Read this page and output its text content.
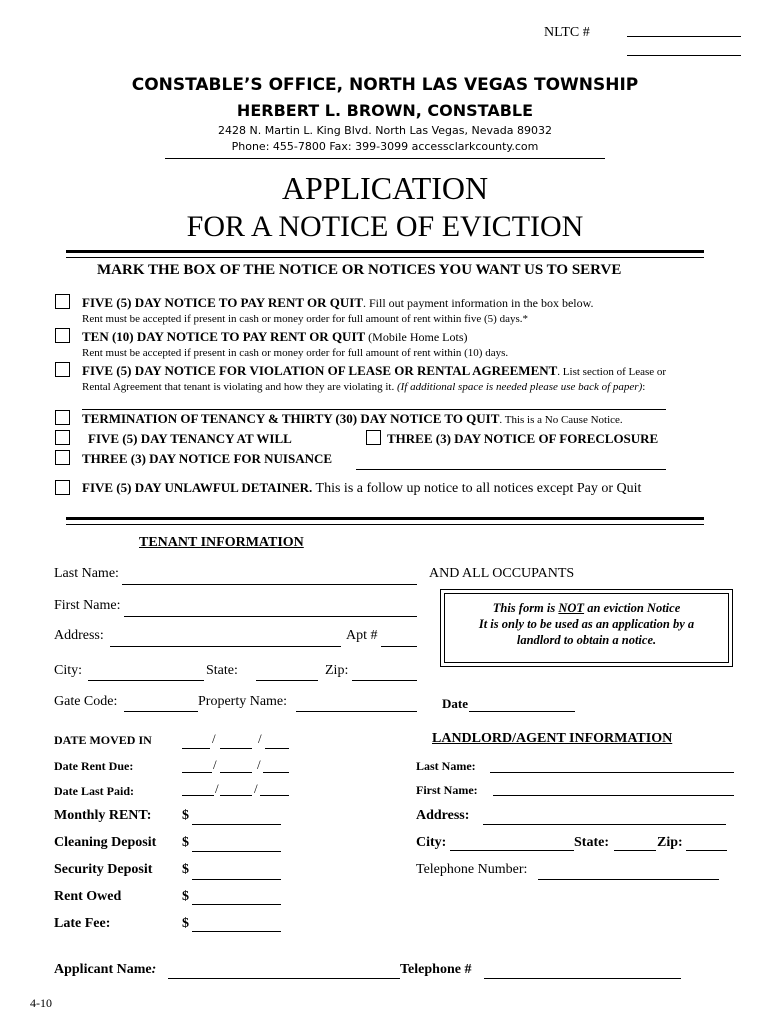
NLTC #
CONSTABLE’S OFFICE, NORTH LAS VEGAS TOWNSHIP
HERBERT L. BROWN, CONSTABLE
2428 N. Martin L. King Blvd. North Las Vegas, Nevada 89032
Phone: 455-7800 Fax: 399-3099 accessclarkcounty.com
APPLICATION
FOR A NOTICE OF EVICTION
MARK THE BOX OF THE NOTICE OR NOTICES YOU WANT US TO SERVE
FIVE (5) DAY NOTICE TO PAY RENT OR QUIT. Fill out payment information in the box below.
Rent must be accepted if present in cash or money order for full amount of rent within five (5) days.*
TEN (10) DAY NOTICE TO PAY RENT OR QUIT (Mobile Home Lots)
Rent must be accepted if present in cash or money order for full amount of rent within (10) days.
FIVE (5) DAY NOTICE FOR VIOLATION OF LEASE OR RENTAL AGREEMENT. List section of Lease or
Rental Agreement that tenant is violating and how they are violating it. (If additional space is needed please use back of paper):
TERMINATION OF TENANCY & THIRTY (30) DAY NOTICE TO QUIT. This is a No Cause Notice.
FIVE (5) DAY TENANCY AT WILL	THREE (3) DAY NOTICE OF FORECLOSURE
THREE (3) DAY NOTICE FOR NUISANCE
FIVE (5) DAY UNLAWFUL DETAINER. This is a follow up notice to all notices except Pay or Quit
TENANT INFORMATION
Last Name:	AND ALL OCCUPANTS
First Name:
Address:	Apt #
City:	State:	Zip:
Gate Code:	Property Name:	Date
This form is NOT an eviction Notice
It is only to be used as an application by a
landlord to obtain a notice.
DATE MOVED IN	/	/
Date Rent Due:	/	/
Date Last Paid:	/	/
Monthly RENT: $
Cleaning Deposit $
Security Deposit $
Rent Owed	$
Late Fee:	$
LANDLORD/AGENT INFORMATION
Last Name:
First Name:
Address:
City:	State:	Zip:
Telephone Number:
Applicant Name:	Telephone #
4-10
